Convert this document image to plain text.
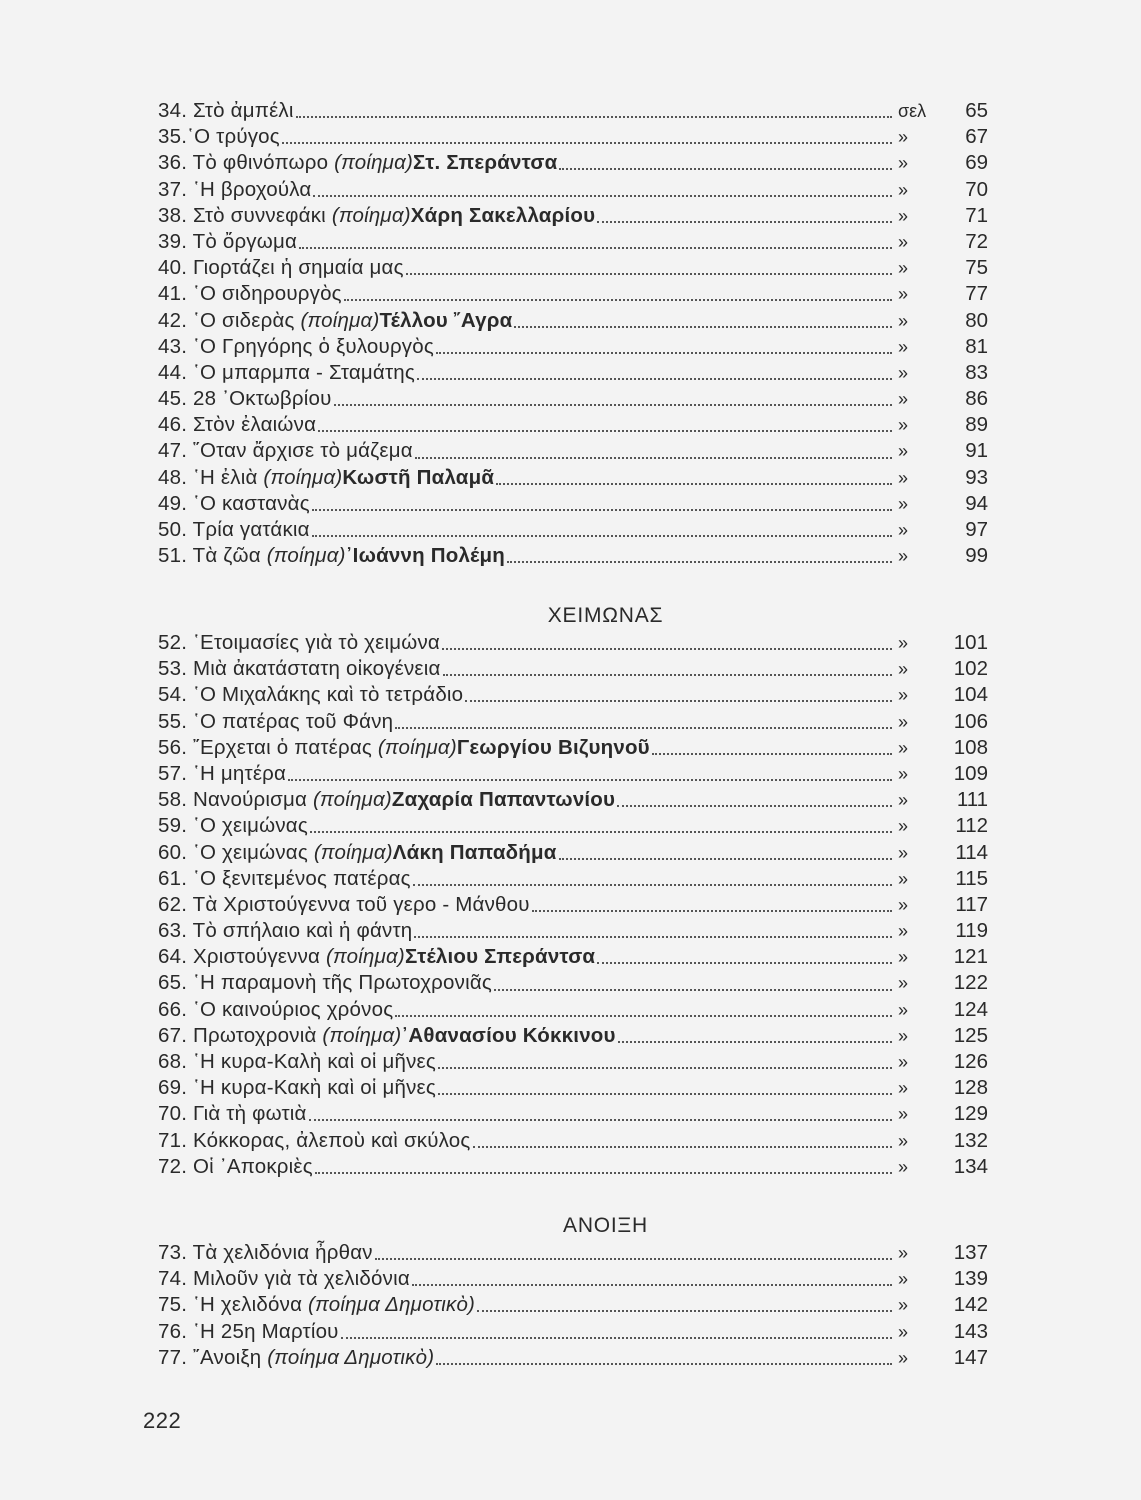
34. Στὸ ἀμπέλι	σελ	65
35.῾Ο τρύγος	»	67
36. Τὸ φθινόπωρο (ποίημα)Στ. Σπεράντσα	»	69
37. ῾Η βροχούλα	»	70
38. Στὸ συννεφάκι (ποίημα)Χάρη Σακελλαρίου	»	71
39. Τὸ ὄργωμα	»	72
40. Γιορτάζει ἡ σημαία μας	»	75
41. ῾Ο σιδηρουργὸς	»	77
42. ῾Ο σιδερὰς (ποίημα)Τέλλου ῎Αγρα	»	80
43. ῾Ο Γρηγόρης ὁ ξυλουργὸς	»	81
44. ῾Ο μπαρμπα - Σταμάτης	»	83
45. 28 ᾽Οκτωβρίου	»	86
46. Στὸν ἐλαιώνα	»	89
47. ῞Οταν ἄρχισε τὸ μάζεμα	»	91
48. ῾Η ἐλιὰ (ποίημα)Κωστῆ Παλαμᾶ	»	93
49. ῾Ο καστανὰς	»	94
50. Τρία γατάκια	»	97
51. Τὰ ζῶα (ποίημα)᾽Ιωάννη Πολέμη	»	99
ΧΕΙΜΩΝΑΣ
52. ῾Ετοιμασίες γιὰ τὸ χειμώνα	»	101
53. Μιὰ ἀκατάστατη οἰκογένεια	»	102
54. ῾Ο Μιχαλάκης καὶ τὸ τετράδιο	»	104
55. ῾Ο πατέρας τοῦ Φάνη	»	106
56. ῎Ερχεται ὁ πατέρας (ποίημα)Γεωργίου Βιζυηνοῦ	»	108
57. ῾Η μητέρα	»	109
58. Νανούρισμα (ποίημα)Ζαχαρία Παπαντωνίου	»	111
59. ῾Ο χειμώνας	»	112
60. ῾Ο χειμώνας (ποίημα)Λάκη Παπαδήμα	»	114
61. ῾Ο ξενιτεμένος πατέρας	»	115
62. Τὰ Χριστούγεννα τοῦ γερο - Μάνθου	»	117
63. Τὸ σπήλαιο καὶ ἡ φάντη	»	119
64. Χριστούγεννα (ποίημα)Στέλιου Σπεράντσα	»	121
65. ῾Η παραμονὴ τῆς Πρωτοχρονιᾶς	»	122
66. ῾Ο καινούριος χρόνος	»	124
67. Πρωτοχρονιὰ (ποίημα)᾽Αθανασίου Κόκκινου	»	125
68. ῾Η κυρα-Καλὴ καὶ οἱ μῆνες	»	126
69. ῾Η κυρα-Κακὴ καὶ οἱ μῆνες	»	128
70. Γιὰ τὴ φωτιὰ	»	129
71. Κόκκορας, ἀλεποὺ καὶ σκύλος	»	132
72. Οἱ ᾽Αποκριὲς	»	134
ΑΝΟΙΞΗ
73. Τὰ χελιδόνια ἦρθαν	»	137
74. Μιλοῦν γιὰ τὰ χελιδόνια	»	139
75. ῾Η χελιδόνα (ποίημα Δημοτικὸ)	»	142
76. ῾Η 25η Μαρτίου	»	143
77. ῎Ανοιξη (ποίημα Δημοτικὸ)	»	147
222
